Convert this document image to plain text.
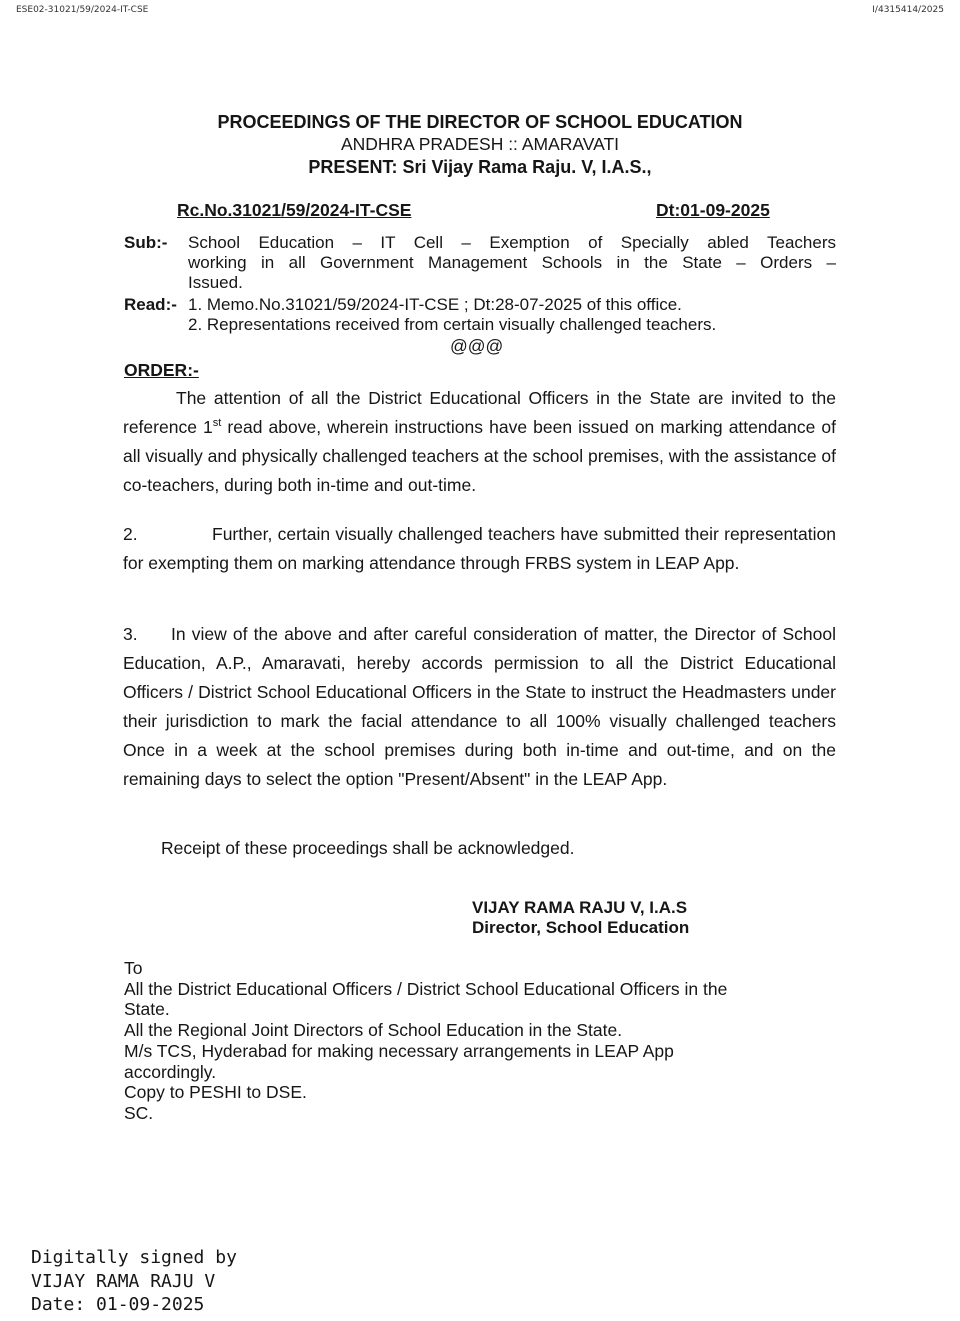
ESE02-31021/59/2024-IT-CSE	I/4315414/2025
PROCEEDINGS OF THE DIRECTOR OF SCHOOL EDUCATION
ANDHRA PRADESH :: AMARAVATI
PRESENT: Sri Vijay Rama Raju. V, I.A.S.,
Rc.No.31021/59/2024-IT-CSE	Dt:01-09-2025
Sub:- School Education – IT Cell – Exemption of Specially abled Teachers
working in all Government Management Schools in the State – Orders –
Issued.
Read:- 1. Memo.No.31021/59/2024-IT-CSE ; Dt:28-07-2025 of this office.
2. Representations received from certain visually challenged teachers.
@@@
ORDER:-

The attention of all the District Educational Officers in the State are invited to the reference 1st read above, wherein instructions have been issued on marking attendance of all visually and physically challenged teachers at the school premises, with the assistance of co-teachers, during both in-time and out-time.

2.	Further, certain visually challenged teachers have submitted their representation for exempting them on marking attendance through FRBS system in LEAP App.

3. In view of the above and after careful consideration of matter, the Director of School Education, A.P., Amaravati, hereby accords permission to all the District Educational Officers / District School Educational Officers in the State to instruct the Headmasters under their jurisdiction to mark the facial attendance to all 100% visually challenged teachers Once in a week at the school premises during both in-time and out-time, and on the remaining days to select the option "Present/Absent" in the LEAP App.

Receipt of these proceedings shall be acknowledged.
VIJAY RAMA RAJU V, I.A.S
Director, School Education
To
All the District Educational Officers / District School Educational Officers in the
State.
All the Regional Joint Directors of School Education in the State.
M/s TCS, Hyderabad for making necessary arrangements in LEAP App
accordingly.
Copy to PESHI to DSE.
SC.
Digitally signed by
VIJAY RAMA RAJU V
Date: 01-09-2025
